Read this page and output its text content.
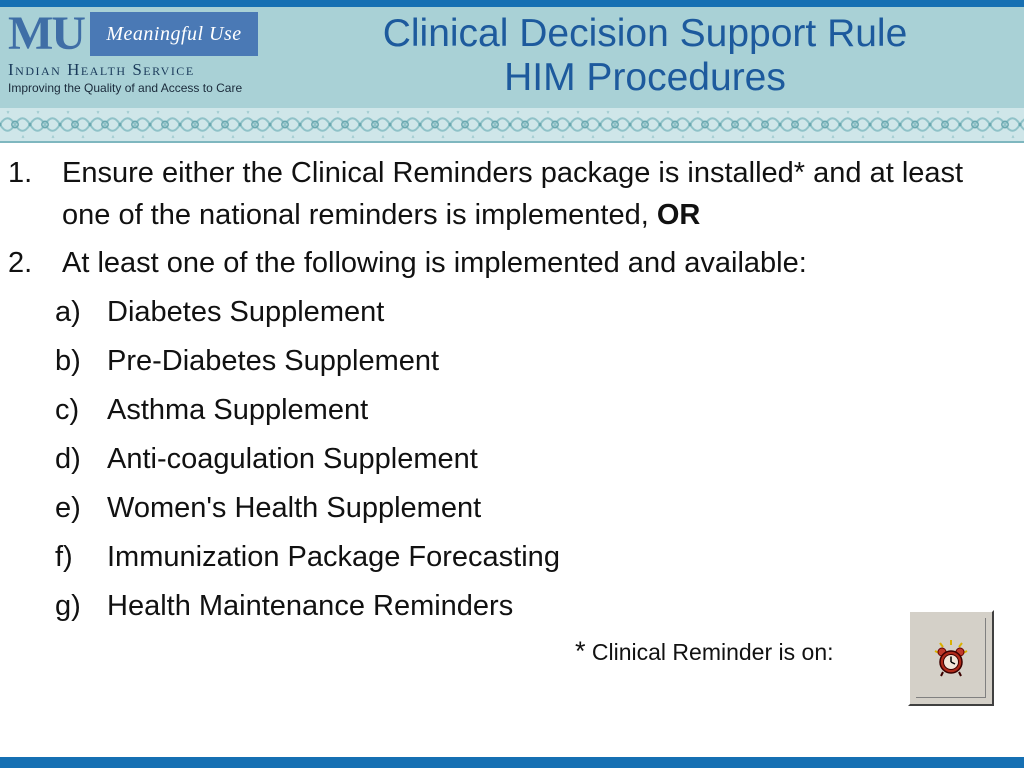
MU Meaningful Use
Indian Health Service
Improving the Quality of and Access to Care
Clinical Decision Support Rule
HIM Procedures
1. Ensure either the Clinical Reminders package is installed* and at least one of the national reminders is implemented, OR
2. At least one of the following is implemented and available:
a) Diabetes Supplement
b) Pre-Diabetes Supplement
c) Asthma Supplement
d) Anti-coagulation Supplement
e) Women's Health Supplement
f) Immunization Package Forecasting
g) Health Maintenance Reminders
* Clinical Reminder is on:
